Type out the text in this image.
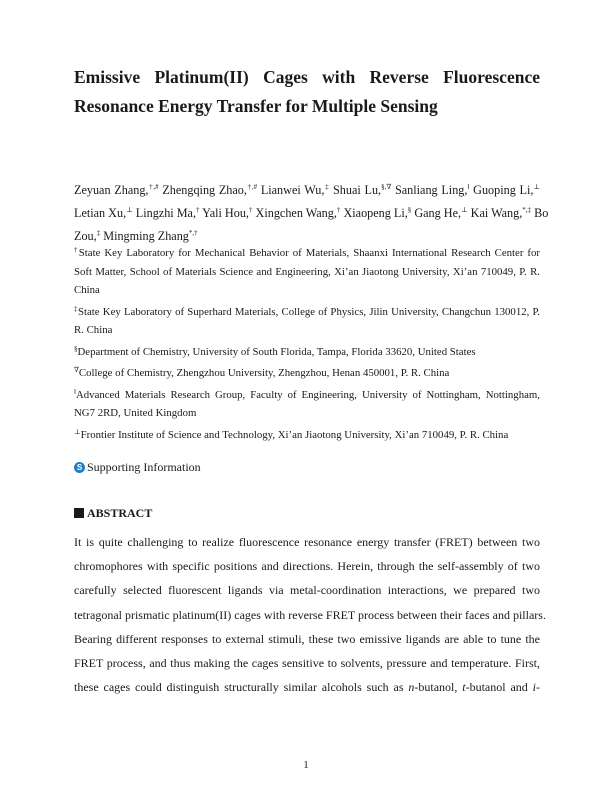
Emissive Platinum(II) Cages with Reverse Fluorescence
Resonance Energy Transfer for Multiple Sensing
Zeyuan Zhang,†,# Zhengqing Zhao,†,# Lianwei Wu,‡ Shuai Lu,§,∇ Sanliang Ling,‖ Guoping Li,⊥
Letian Xu,⊥ Lingzhi Ma,† Yali Hou,† Xingchen Wang,† Xiaopeng Li,§ Gang He,⊥ Kai Wang,*,‡ Bo
Zou,‡ Mingming Zhang*,†
†State Key Laboratory for Mechanical Behavior of Materials, Shaanxi International Research Center for
Soft Matter, School of Materials Science and Engineering, Xi’an Jiaotong University, Xi’an 710049, P. R.
China
‡State Key Laboratory of Superhard Materials, College of Physics, Jilin University, Changchun 130012, P.
R. China
§Department of Chemistry, University of South Florida, Tampa, Florida 33620, United States
∇College of Chemistry, Zhengzhou University, Zhengzhou, Henan 450001, P. R. China
‖Advanced Materials Research Group, Faculty of Engineering, University of Nottingham, Nottingham,
NG7 2RD, United Kingdom
⊥Frontier Institute of Science and Technology, Xi’an Jiaotong University, Xi’an 710049, P. R. China
S Supporting Information
ABSTRACT
It is quite challenging to realize fluorescence resonance energy transfer (FRET) between two
chromophores with specific positions and directions. Herein, through the self-assembly of two
carefully selected fluorescent ligands via metal-coordination interactions, we prepared two
tetragonal prismatic platinum(II) cages with reverse FRET process between their faces and pillars.
Bearing different responses to external stimuli, these two emissive ligands are able to tune the
FRET process, and thus making the cages sensitive to solvents, pressure and temperature. First,
these cages could distinguish structurally similar alcohols such as n-butanol, t-butanol and i-
1
